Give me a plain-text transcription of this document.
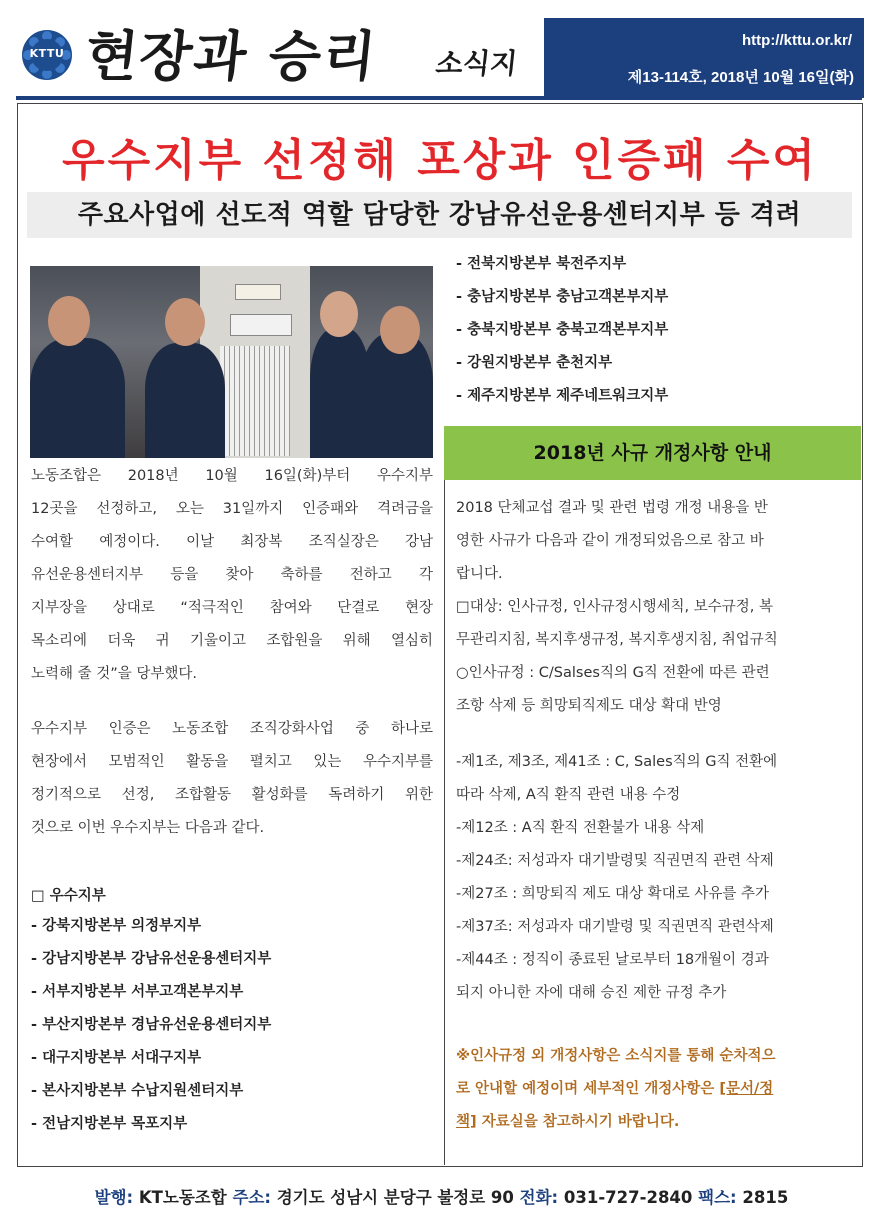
KTTU 현장과 승리 소식지
http://kttu.or.kr/
제13-114호, 2018년 10월 16일(화)
우수지부 선정해 포상과 인증패 수여
주요사업에 선도적 역할 담당한 강남유선운용센터지부 등 격려
노동조합은 2018년 10월 16일(화)부터 우수지부
12곳을 선정하고, 오는 31일까지 인증패와 격려금을
수여할 예정이다. 이날 최장복 조직실장은 강남
유선운용센터지부 등을 찾아 축하를 전하고 각
지부장을 상대로 “적극적인 참여와 단결로 현장
목소리에 더욱 귀 기울이고 조합원을 위해 열심히
노력해 줄 것”을 당부했다.
우수지부 인증은 노동조합 조직강화사업 중 하나로
현장에서 모범적인 활동을 펼치고 있는 우수지부를
정기적으로 선정, 조합활동 활성화를 독려하기 위한
것으로 이번 우수지부는 다음과 같다.
□ 우수지부
- 강북지방본부 의정부지부
- 강남지방본부 강남유선운용센터지부
- 서부지방본부 서부고객본부지부
- 부산지방본부 경남유선운용센터지부
- 대구지방본부 서대구지부
- 본사지방본부 수납지원센터지부
- 전남지방본부 목포지부
- 전북지방본부 북전주지부
- 충남지방본부 충남고객본부지부
- 충북지방본부 충북고객본부지부
- 강원지방본부 춘천지부
- 제주지방본부 제주네트워크지부
2018년 사규 개정사항 안내
2018 단체교섭 결과 및 관련 법령 개정 내용을 반
영한 사규가 다음과 같이 개정되었음으로 참고 바
랍니다.
□대상: 인사규정, 인사규정시행세칙, 보수규정, 복
무관리지침, 복지후생규정, 복지후생지침, 취업규칙
○인사규정 : C/Salses직의 G직 전환에 따른 관련
조항 삭제 등 희망퇴직제도 대상 확대 반영
-제1조, 제3조, 제41조 : C, Sales직의 G직 전환에
따라 삭제, A직 환직 관련 내용 수정
-제12조 : A직 환직 전환불가 내용 삭제
-제24조: 저성과자 대기발령및 직권면직 관련 삭제
-제27조 : 희망퇴직 제도 대상 확대로 사유를 추가
-제37조: 저성과자 대기발령 및 직권면직 관련삭제
-제44조 : 정직이 종료된 날로부터 18개월이 경과
되지 아니한 자에 대해 승진 제한 규정 추가
※인사규정 외 개정사항은 소식지를 통해 순차적으
로 안내할 예정이며 세부적인 개정사항은 [문서/정
책] 자료실을 참고하시기 바랍니다.
발행: KT노동조합 주소: 경기도 성남시 분당구 불정로 90 전화: 031-727-2840 팩스: 2815
